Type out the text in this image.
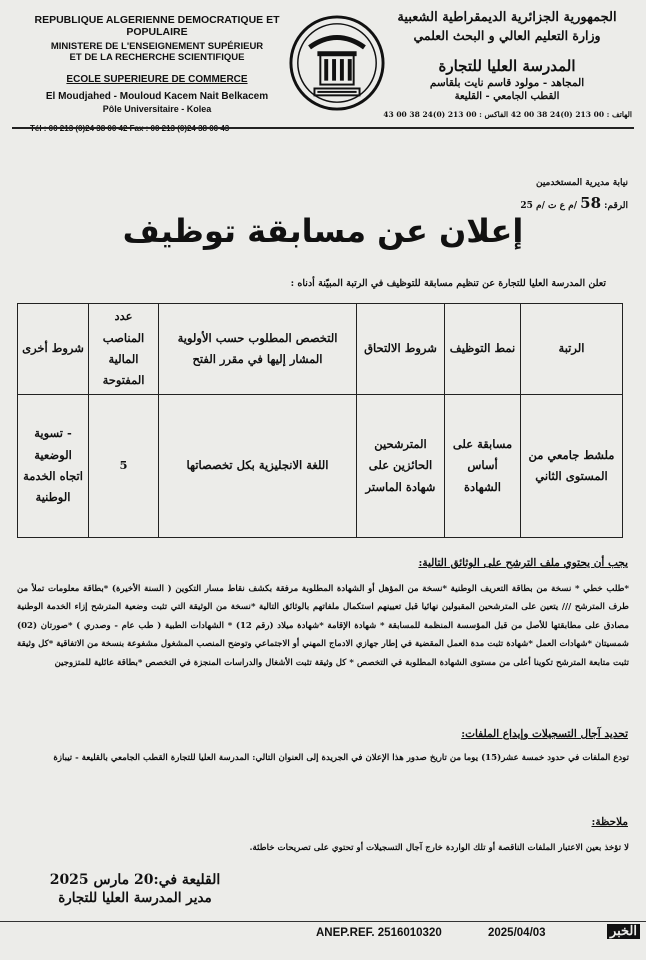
REPUBLIQUE ALGERIENNE DEMOCRATIQUE ET POPULAIRE
MINISTERE DE L'ENSEIGNEMENT SUPÉRIEUR
ET DE LA RECHERCHE SCIENTIFIQUE
ECOLE SUPERIEURE DE COMMERCE
El Moudjahed - Mouloud Kacem Nait Belkacem
Pôle Universitaire - Kolea
Tél : 00 213 (0)24 38 00 42 Fax : 00 213 (0)24 38 00 43
الجمهورية الجزائرية الديمقراطية الشعبية
وزارة التعليم العالي و البحث العلمي
المدرسة العليا للتجارة
المجاهد - مولود قاسم نايت بلقاسم
القطب الجامعي - القليعة
الهاتف : 00 213 (0)24 38 00 42 الفاكس : 00 213 (0)24 38 00 43
نيابة مديرية المستخدمين
الرقم: 58 /م ع ت /م 25
إعلان عن مسابقة توظيف
تعلن المدرسة العليا للتجارة عن تنظيم مسابقة للتوظيف في الرتبة المبيّنة أدناه :
الرتبة	نمط التوظيف	شروط الالتحاق	التخصص المطلوب حسب الأولوية المشار إليها في مقرر الفتح	عدد المناصب المالية المفتوحة	شروط أخرى
ملشط جامعي من المستوى الثاني	مسابقة على أساس الشهادة	المترشحين الحائزين على شهادة الماستر	اللغة الانجليزية بكل تخصصاتها	5	- تسوية الوضعية اتجاه الخدمة الوطنية
يجب أن يحتوي ملف الترشح على الوثائق التالية:
*طلب خطي * نسخة من بطاقة التعريف الوطنية *نسخة من المؤهل أو الشهادة المطلوبة مرفقة بكشف نقاط مسار التكوين ( السنة الأخيرة) *بطاقة معلومات تملأ من طرف المترشح /// يتعين على المترشحين المقبولين نهائيا قبل تعيينهم استكمال ملفاتهم بالوثائق التالية *نسخة من الوثيقة التي تثبت وضعية المترشح إزاء الخدمة الوطنية مصادق على مطابقتها للأصل من قبل المؤسسة المنظمة للمسابقة * شهادة الإقامة *شهادة ميلاد (رقم 12) * الشهادات الطبية ( طب عام - وصدري ) *صورتان (02) شمسيتان *شهادات العمل *شهادة تثبت مدة العمل المقضية في إطار جهازي الادماج المهني أو الاجتماعي وتوضح المنصب المشغول مشفوعة بنسخة من الاتفاقية *كل وثيقة تثبت متابعة المترشح تكوينا أعلى من مستوى الشهادة المطلوبة في التخصص * كل وثيقة تثبت الأشغال والدراسات المنجزة في التخصص *بطاقة عائلية للمتزوجين
تحديد آجال التسجيلات وإيداع الملفات:
تودع الملفات في حدود خمسة عشر(15) يوما من تاريخ صدور هذا الإعلان في الجريدة إلى العنوان التالي: المدرسة العليا للتجارة القطب الجامعي بالقليعة - تيبازة
ملاحظة:
لا تؤخذ بعين الاعتبار الملفات الناقصة أو تلك الواردة خارج آجال التسجيلات أو تحتوي على تصريحات خاطئة.
القليعة في:20 مارس 2025
مدير المدرسة العليا للتجارة
ANEP.REF. 2516010320	2025/04/03	الخبر
